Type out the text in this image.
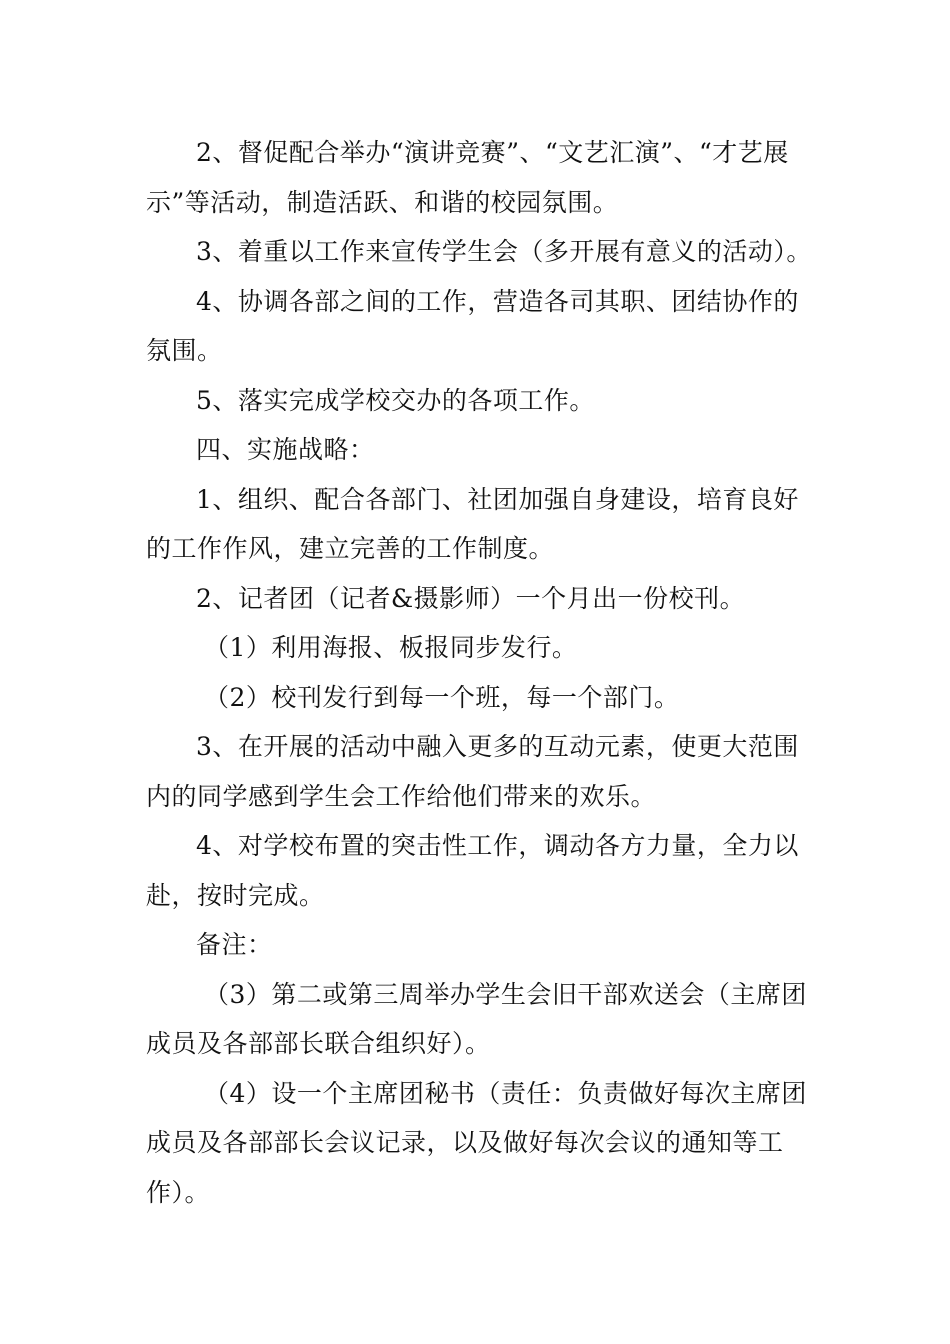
2、督促配合举办“演讲竞赛”、“文艺汇演”、“才艺展示”等活动，制造活跃、和谐的校园氛围。

3、着重以工作来宣传学生会（多开展有意义的活动）。

4、协调各部之间的工作，营造各司其职、团结协作的氛围。

5、落实完成学校交办的各项工作。

四、实施战略：

1、组织、配合各部门、社团加强自身建设，培育良好的工作作风，建立完善的工作制度。

2、记者团（记者&摄影师）一个月出一份校刊。

（1）利用海报、板报同步发行。

（2）校刊发行到每一个班，每一个部门。

3、在开展的活动中融入更多的互动元素，使更大范围内的同学感到学生会工作给他们带来的欢乐。

4、对学校布置的突击性工作，调动各方力量，全力以赴，按时完成。

备注：

（3）第二或第三周举办学生会旧干部欢送会（主席团成员及各部部长联合组织好）。

（4）设一个主席团秘书（责任：负责做好每次主席团成员及各部部长会议记录，以及做好每次会议的通知等工作）。
